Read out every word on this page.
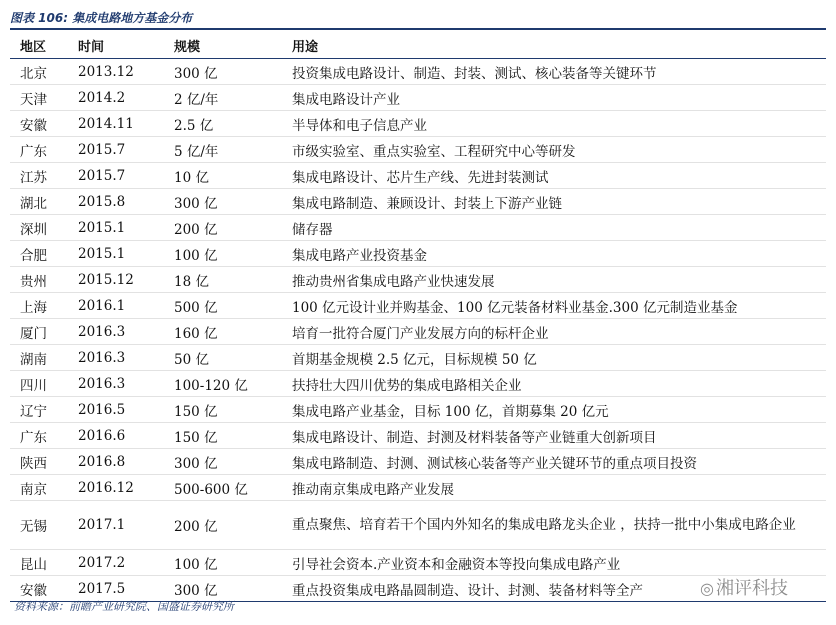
图表 106: 集成电路地方基金分布
地区	时间	规模	用途
北京	2013.12	300 亿	投资集成电路设计、制造、封装、测试、核心装备等关键环节
天津	2014.2	2 亿/年	集成电路设计产业
安徽	2014.11	2.5 亿	半导体和电子信息产业
广东	2015.7	5 亿/年	市级实验室、重点实验室、工程研究中心等研发
江苏	2015.7	10 亿	集成电路设计、芯片生产线、先进封装测试
湖北	2015.8	300 亿	集成电路制造、兼顾设计、封装上下游产业链
深圳	2015.1	200 亿	储存器
合肥	2015.1	100 亿	集成电路产业投资基金
贵州	2015.12	18 亿	推动贵州省集成电路产业快速发展
上海	2016.1	500 亿	100 亿元设计业并购基金、100 亿元装备材料业基金.300 亿元制造业基金
厦门	2016.3	160 亿	培育一批符合厦门产业发展方向的标杆企业
湖南	2016.3	50 亿	首期基金规模 2.5 亿元，目标规模 50 亿
四川	2016.3	100-120 亿	扶持壮大四川优势的集成电路相关企业
辽宁	2016.5	150 亿	集成电路产业基金，目标 100 亿，首期募集 20 亿元
广东	2016.6	150 亿	集成电路设计、制造、封测及材料装备等产业链重大创新项目
陕西	2016.8	300 亿	集成电路制造、封测、测试核心装备等产业关键环节的重点项目投资
南京	2016.12	500-600 亿	推动南京集成电路产业发展
无锡	2017.1	200 亿	重点聚焦、培育若干个国内外知名的集成电路龙头企业 ，扶持一批中小集成电路企业
昆山	2017.2	100 亿	引导社会资本.产业资本和金融资本等投向集成电路产业
安徽	2017.5	300 亿	重点投资集成电路晶圆制造、设计、封测、装备材料等全产
资料来源：前瞻产业研究院、国盛证券研究所
◎ 湘评科技
